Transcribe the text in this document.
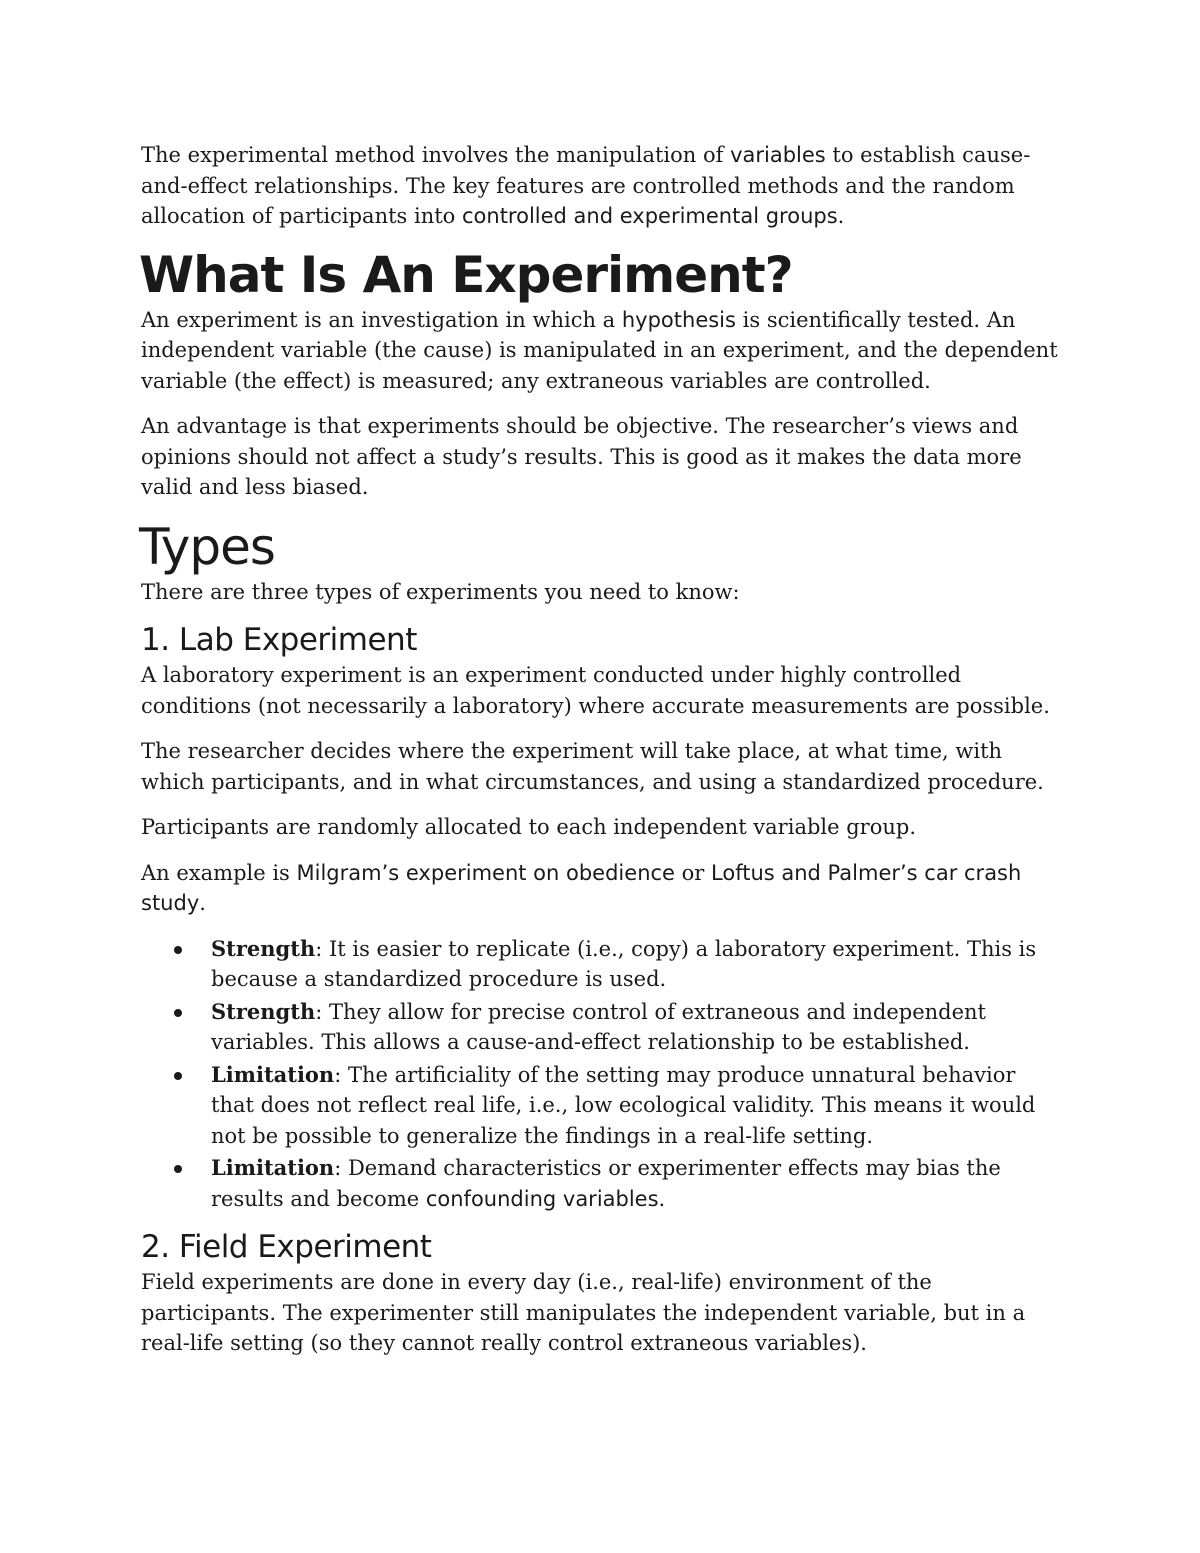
The experimental method involves the manipulation of variables to establish cause-and-effect relationships. The key features are controlled methods and the random allocation of participants into controlled and experimental groups.

What Is An Experiment?

An experiment is an investigation in which a hypothesis is scientifically tested. An independent variable (the cause) is manipulated in an experiment, and the dependent variable (the effect) is measured; any extraneous variables are controlled.

An advantage is that experiments should be objective. The researcher’s views and opinions should not affect a study’s results. This is good as it makes the data more valid and less biased.

Types

There are three types of experiments you need to know:

1. Lab Experiment

A laboratory experiment is an experiment conducted under highly controlled conditions (not necessarily a laboratory) where accurate measurements are possible.

The researcher decides where the experiment will take place, at what time, with which participants, and in what circumstances, and using a standardized procedure.

Participants are randomly allocated to each independent variable group.

An example is Milgram’s experiment on obedience or Loftus and Palmer’s car crash study.

Strength: It is easier to replicate (i.e., copy) a laboratory experiment. This is because a standardized procedure is used.
Strength: They allow for precise control of extraneous and independent variables. This allows a cause-and-effect relationship to be established.
Limitation: The artificiality of the setting may produce unnatural behavior that does not reflect real life, i.e., low ecological validity. This means it would not be possible to generalize the findings in a real-life setting.
Limitation: Demand characteristics or experimenter effects may bias the results and become confounding variables.
2. Field Experiment

Field experiments are done in every day (i.e., real-life) environment of the participants. The experimenter still manipulates the independent variable, but in a real-life setting (so they cannot really control extraneous variables).
